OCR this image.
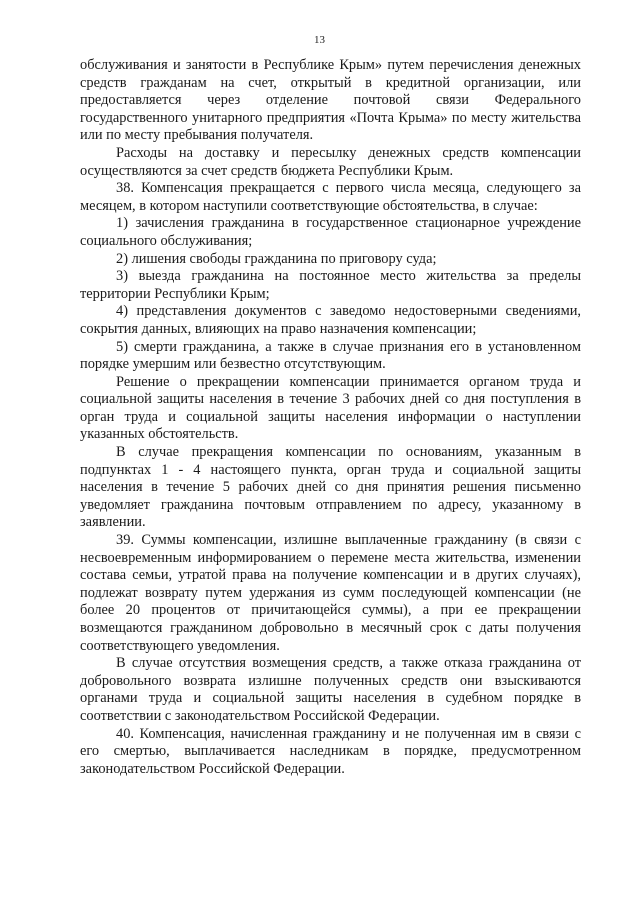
13

обслуживания и занятости в Республике Крым» путем перечисления денежных средств гражданам на счет, открытый в кредитной организации, или предоставляется через отделение почтовой связи Федерального государственного унитарного предприятия «Почта Крыма» по месту жительства или по месту пребывания получателя.

Расходы на доставку и пересылку денежных средств компенсации осуществляются за счет средств бюджета Республики Крым.

38. Компенсация прекращается с первого числа месяца, следующего за месяцем, в котором наступили соответствующие обстоятельства, в случае:

1) зачисления гражданина в государственное стационарное учреждение социального обслуживания;

2) лишения свободы гражданина по приговору суда;

3) выезда гражданина на постоянное место жительства за пределы территории Республики Крым;

4) представления документов с заведомо недостоверными сведениями, сокрытия данных, влияющих на право назначения компенсации;

5) смерти гражданина, а также в случае признания его в установленном порядке умершим или безвестно отсутствующим.

Решение о прекращении компенсации принимается органом труда и социальной защиты населения в течение 3 рабочих дней со дня поступления в орган труда и социальной защиты населения информации о наступлении указанных обстоятельств.

В случае прекращения компенсации по основаниям, указанным в подпунктах 1 - 4 настоящего пункта, орган труда и социальной защиты населения в течение 5 рабочих дней со дня принятия решения письменно уведомляет гражданина почтовым отправлением по адресу, указанному в заявлении.

39. Суммы компенсации, излишне выплаченные гражданину (в связи с несвоевременным информированием о перемене места жительства, изменении состава семьи, утратой права на получение компенсации и в других случаях), подлежат возврату путем удержания из сумм последующей компенсации (не более 20 процентов от причитающейся суммы), а при ее прекращении возмещаются гражданином добровольно в месячный срок с даты получения соответствующего уведомления.

В случае отсутствия возмещения средств, а также отказа гражданина от добровольного возврата излишне полученных средств они взыскиваются органами труда и социальной защиты населения в судебном порядке в соответствии с законодательством Российской Федерации.

40. Компенсация, начисленная гражданину и не полученная им в связи с его смертью, выплачивается наследникам в порядке, предусмотренном законодательством Российской Федерации.
